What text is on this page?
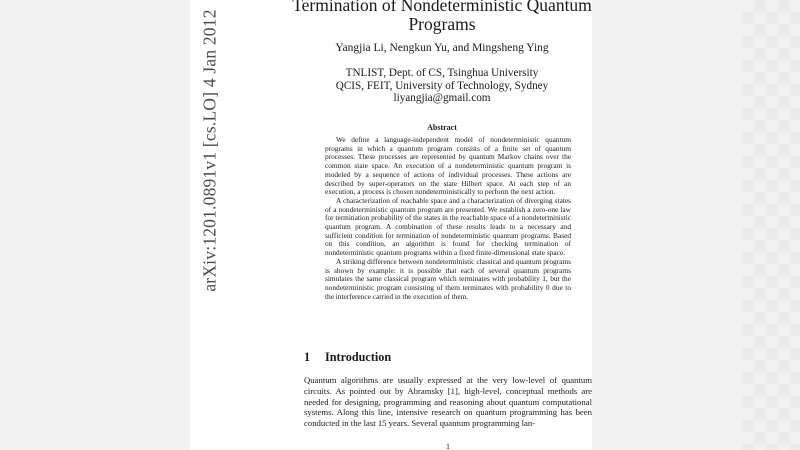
arXiv:1201.0891v1 [cs.LO] 4 Jan 2012
Termination of Nondeterministic Quantum
Programs
Yangjia Li, Nengkun Yu, and Mingsheng Ying
TNLIST, Dept. of CS, Tsinghua University
QCIS, FEIT, University of Technology, Sydney
liyangjia@gmail.com
Abstract

We define a language-independent model of nondeterministic quantum programs in which a quantum program consists of a finite set of quantum processes. These processes are represented by quantum Markov chains over the common state space. An execution of a nondeterministic quantum program is modeled by a sequence of actions of individual processes. These actions are described by super-operators on the state Hilbert space. At each step of an execution, a process is chosen nondeterministically to perform the next action.

A characterization of reachable space and a characterization of diverging states of a nondeterministic quantum program are presented. We establish a zero-one law for termination probability of the states in the reachable space of a nondeterministic quantum program. A combination of these results leads to a necessary and sufficient condition for termination of nondeterministic quantum programs. Based on this condition, an algorithm is found for checking termination of nondeterministic quantum programs within a fixed finite-dimensional state space.

A striking difference between nondeterministic classical and quantum programs is shown by example: it is possible that each of several quantum programs simulates the same classical program which terminates with probability 1, but the nondeterministic program consisting of them terminates with probability 0 due to the interference carried in the execution of them.

1 Introduction

Quantum algorithms are usually expressed at the very low-level of quantum circuits. As pointed out by Abramsky [1], high-level, conceptual methods are needed for designing, programming and reasoning about quantum computational systems. Along this line, intensive research on quantum programming has been conducted in the last 15 years. Several quantum programming lan-

1
